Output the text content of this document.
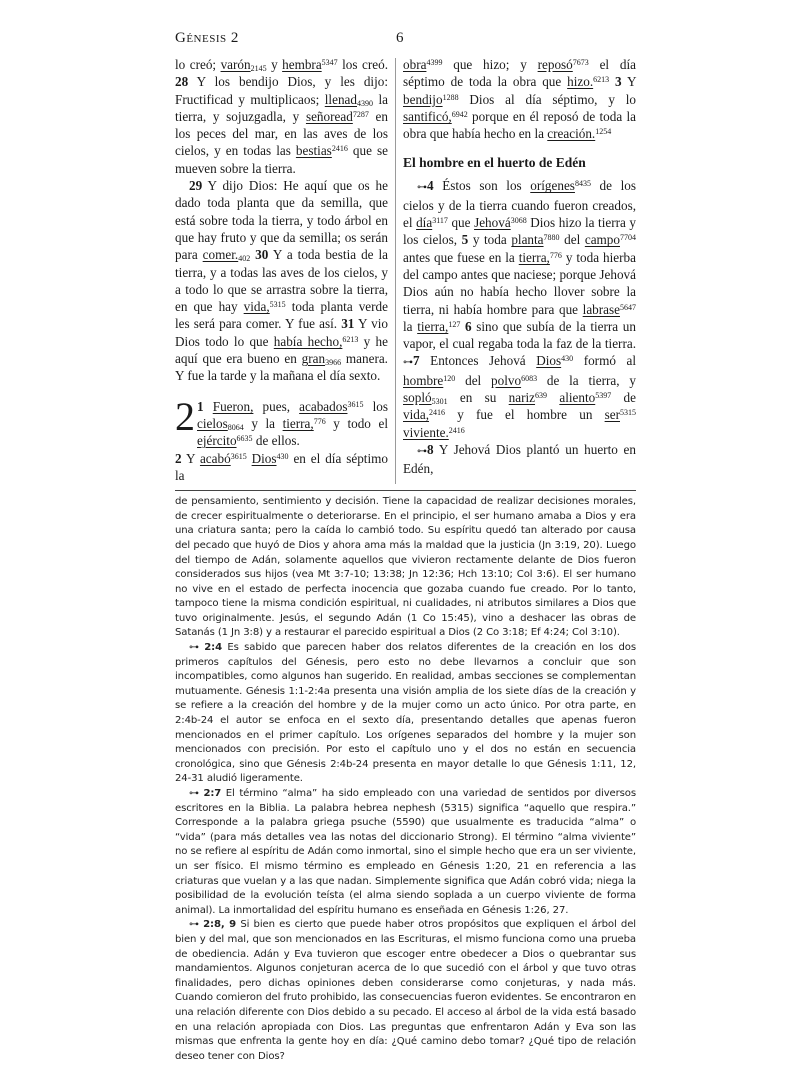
Génesis 2	6

lo creó; varón$_{2145}$ y hembra$^{5347}$ los creó. 28 Y los bendijo Dios, y les dijo: Fructificad y multiplicaos; llenad$_{4390}$ la tierra, y sojuzgadla, y señoread$^{7287}$ en los peces del mar, en las aves de los cielos, y en todas las bestias$^{2416}$ que se mueven sobre la tierra.

29 Y dijo Dios: He aquí que os he dado toda planta que da semilla, que está sobre toda la tierra, y todo árbol en que hay fruto y que da semilla; os serán para $comer._{402}$ 30 Y a toda bestia de la tierra, y a todas las aves de los cielos, y a todo lo que se arrastra sobre la tierra, en que hay vida,$^{5315}$ toda planta verde les será para comer. Y fue así. 31 Y vio Dios todo lo que había hecho,$^{6213}$ y he aquí que era bueno en gran$_{3966}$ manera. Y fue la tarde y la mañana el día sexto.

2 1 Fueron, pues, acabados$^{3615}$ los cielos$_{8064}$ y la tierra,$^{776}$ y todo el ejército$^{6635}$ de ellos.

2 Y acabó$^{3615}$ Dios$^{430}$ en el día séptimo la

obra$^{4399}$ que hizo; y reposó$^{7673}$ el día séptimo de toda la obra que hizo.$^{6213}$ 3 Y bendijo$^{1288}$ Dios al día séptimo, y lo santificó,$^{6942}$ porque en él reposó de toda la obra que había hecho en la creación.$^{1254}$

El hombre en el huerto de Edén

⊶4 Éstos son los orígenes$^{8435}$ de los cielos y de la tierra cuando fueron creados, el día$^{3117}$ que Jehová$^{3068}$ Dios hizo la tierra y los cielos, 5 y toda planta$^{7880}$ del campo$^{7704}$ antes que fuese en la tierra,$^{776}$ y toda hierba del campo antes que naciese; porque Jehová Dios aún no había hecho llover sobre la tierra, ni había hombre para que labrase$^{5647}$ la tierra,$^{127}$ 6 sino que subía de la tierra un vapor, el cual regaba toda la faz de la tierra. ⊶7 Entonces Jehová Dios$^{430}$ formó al hombre$^{120}$ del polvo$^{6083}$ de la tierra, y sopló$_{5301}$ en su nariz$^{639}$ aliento$^{5397}$ de vida,$^{2416}$ y fue el hombre un ser$^{5315}$ viviente.$^{2416}$

⊶8 Y Jehová Dios plantó un huerto en Edén,

de pensamiento, sentimiento y decisión. Tiene la capacidad de realizar decisiones morales, de crecer espiritualmente o deteriorarse. En el principio, el ser humano amaba a Dios y era una criatura santa; pero la caída lo cambió todo. Su espíritu quedó tan alterado por causa del pecado que huyó de Dios y ahora ama más la maldad que la justicia (Jn 3:19, 20). Luego del tiempo de Adán, solamente aquellos que vivieron rectamente delante de Dios fueron considerados sus hijos (vea Mt 3:7-10; 13:38; Jn 12:36; Hch 13:10; Col 3:6). El ser humano no vive en el estado de perfecta inocencia que gozaba cuando fue creado. Por lo tanto, tampoco tiene la misma condición espiritual, ni cualidades, ni atributos similares a Dios que tuvo originalmente. Jesús, el segundo Adán (1 Co 15:45), vino a deshacer las obras de Satanás (1 Jn 3:8) y a restaurar el parecido espiritual a Dios (2 Co 3:18; Ef 4:24; Col 3:10).

⊶ 2:4 Es sabido que parecen haber dos relatos diferentes de la creación en los dos primeros capítulos del Génesis, pero esto no debe llevarnos a concluir que son incompatibles, como algunos han sugerido. En realidad, ambas secciones se complementan mutuamente. Génesis 1:1-2:4a presenta una visión amplia de los siete días de la creación y se refiere a la creación del hombre y de la mujer como un acto único. Por otra parte, en 2:4b-24 el autor se enfoca en el sexto día, presentando detalles que apenas fueron mencionados en el primer capítulo. Los orígenes separados del hombre y la mujer son mencionados con precisión. Por esto el capítulo uno y el dos no están en secuencia cronológica, sino que Génesis 2:4b-24 presenta en mayor detalle lo que Génesis 1:11, 12, 24-31 aludió ligeramente.

⊶ 2:7 El término “alma” ha sido empleado con una variedad de sentidos por diversos escritores en la Biblia. La palabra hebrea nephesh (5315) significa “aquello que respira.” Corresponde a la palabra griega psuche (5590) que usualmente es traducida “alma” o “vida” (para más detalles vea las notas del diccionario Strong). El término “alma viviente” no se refiere al espíritu de Adán como inmortal, sino el simple hecho que era un ser viviente, un ser físico. El mismo término es empleado en Génesis 1:20, 21 en referencia a las criaturas que vuelan y a las que nadan. Simplemente significa que Adán cobró vida; niega la posibilidad de la evolución teísta (el alma siendo soplada a un cuerpo viviente de forma animal). La inmortalidad del espíritu humano es enseñada en Génesis 1:26, 27.

⊶ 2:8, 9 Si bien es cierto que puede haber otros propósitos que expliquen el árbol del bien y del mal, que son mencionados en las Escrituras, el mismo funciona como una prueba de obediencia. Adán y Eva tuvieron que escoger entre obedecer a Dios o quebrantar sus mandamientos. Algunos conjeturan acerca de lo que sucedió con el árbol y que tuvo otras finalidades, pero dichas opiniones deben considerarse como conjeturas, y nada más. Cuando comieron del fruto prohibido, las consecuencias fueron evidentes. Se encontraron en una relación diferente con Dios debido a su pecado. El acceso al árbol de la vida está basado en una relación apropiada con Dios. Las preguntas que enfrentaron Adán y Eva son las mismas que enfrenta la gente hoy en día: ¿Qué camino debo tomar? ¿Qué tipo de relación deseo tener con Dios?
